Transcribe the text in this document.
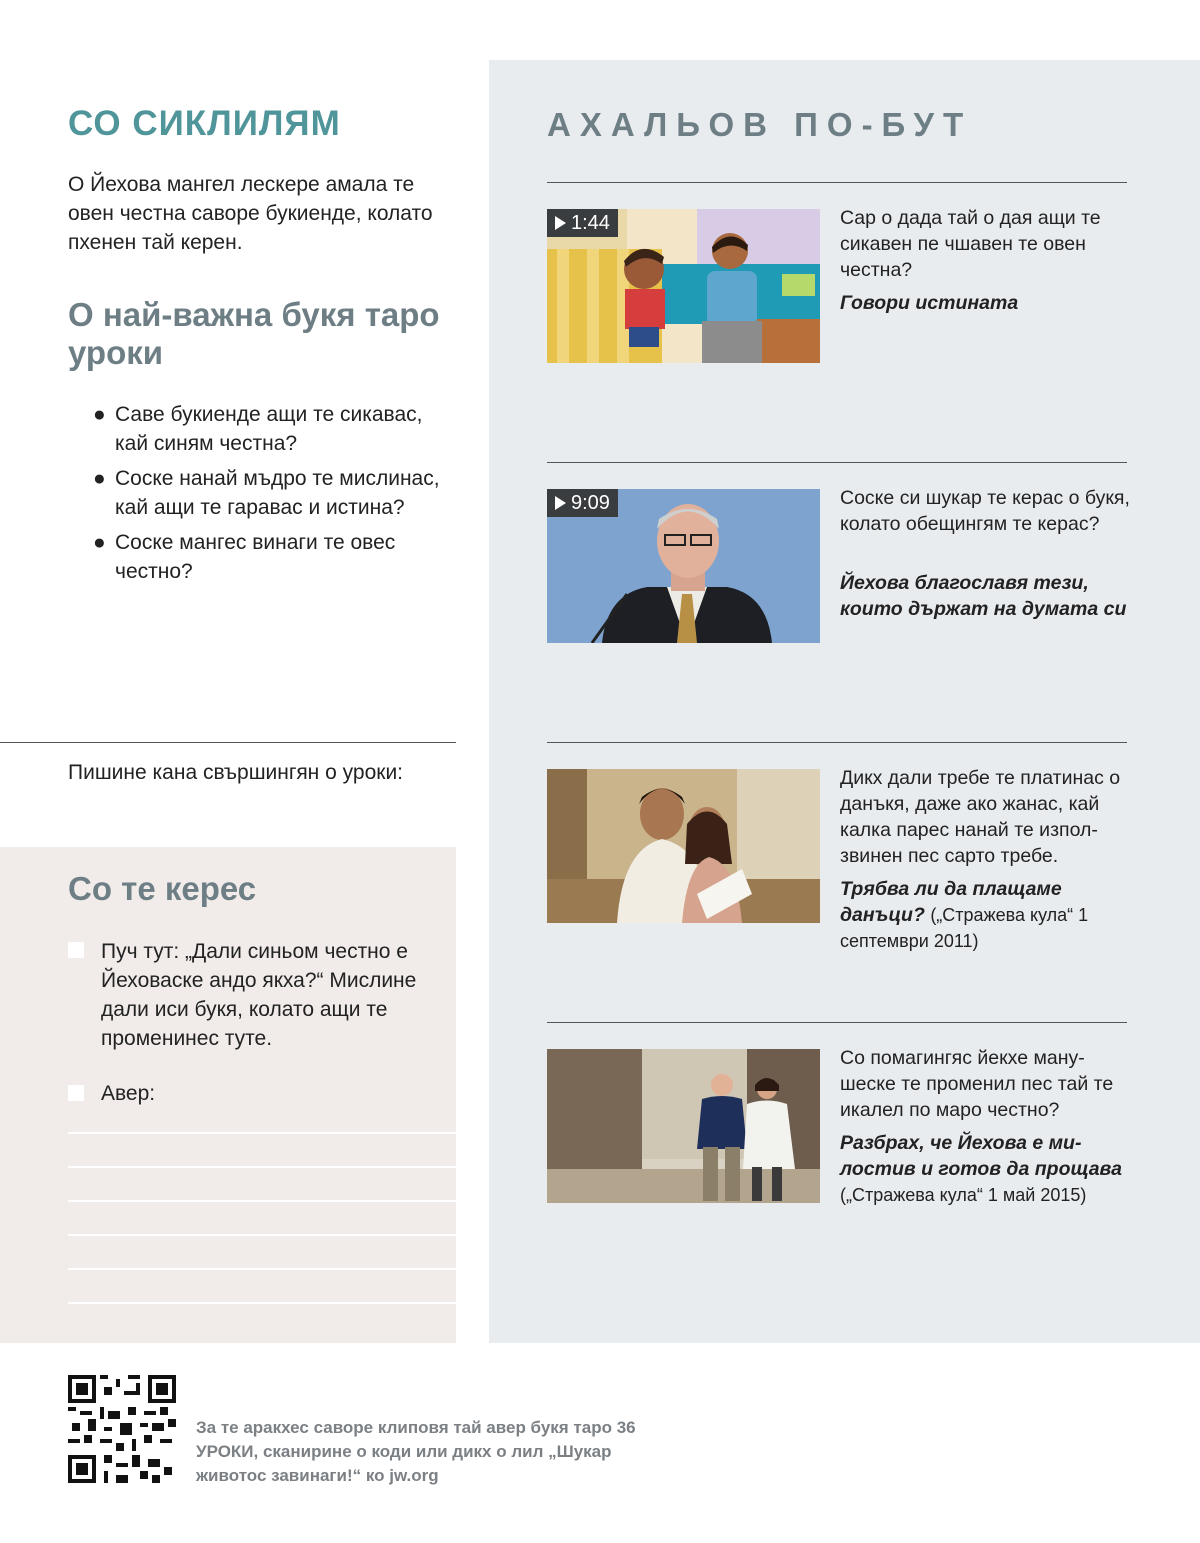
СО СИКЛИЛЯМ

О Йехова мангел лескере амала те овен честна саворе букиенде, колато пхенен тай керен.

О най-важна букя таро уроки
● Саве букиенде ащи те сикавас, кай синям честна?
● Соске нанай мъдро те мислинас, кай ащи те гаравас и истина?
● Соске мангес винаги те овес честно?

Пишине кана свършингян о уроки:

Со те керес
Пуч тут: „Дали синьом честно е Йеховаске андо якха?“ Мислине дали иси букя, колато ащи те променинес туте.
Авер:
АХАЛЬОВ ПО-БУТ
1:44	Сар о дада тай о дая ащи те сикавен пе чшавен те овен честна?
Говори истината
9:09	Соске си шукар те керас о букя, колато обещингям те керас?
Йехова благославя тези, които държат на думата си
Дикх дали требе те платинас о данъкя, даже ако жанас, кай калка парес нанай те изпол-звинен пес сарто требе.
Трябва ли да плащаме данъци? („Стражева кула“ 1 септември 2011)
Со помагингяс йекхе ману-шеске те променил пес тай те икалел по маро честно?
Разбрах, че Йехова е ми-лостив и готов да прощава („Стражева кула“ 1 май 2015)

За те аракхес саворе клиповя тай авер букя таро 36 УРОКИ, сканирине о коди или дикх о лил „Шукар животос завинаги!“ ко jw.org
